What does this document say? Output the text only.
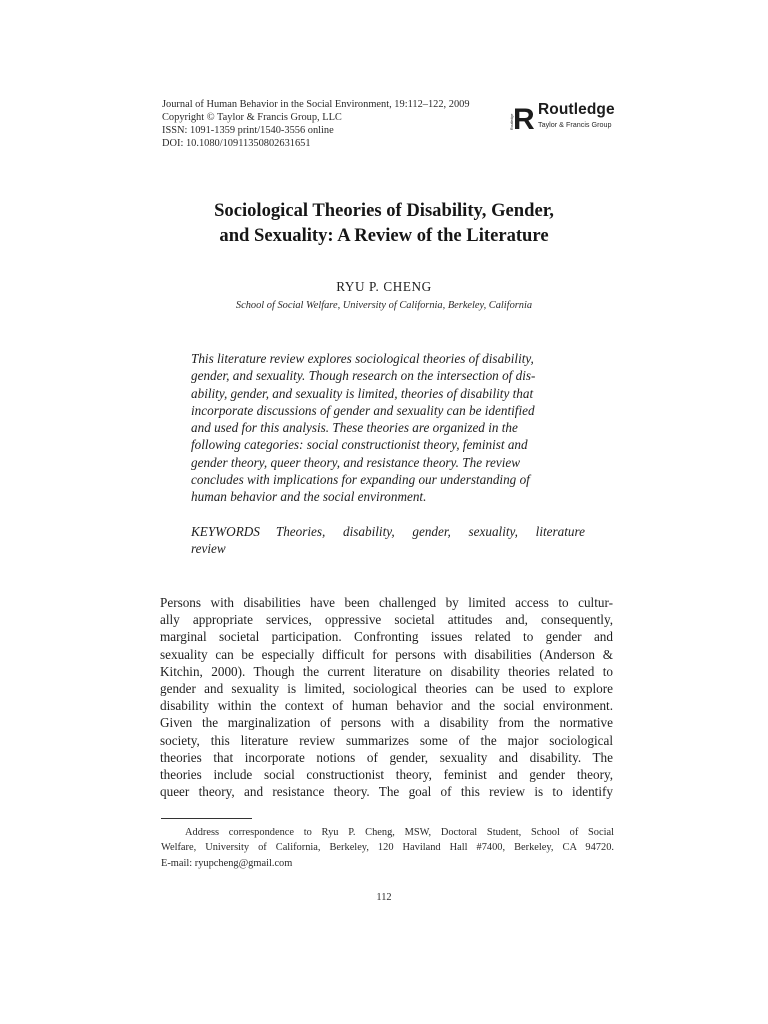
Journal of Human Behavior in the Social Environment, 19:112–122, 2009
Copyright © Taylor & Francis Group, LLC
ISSN: 1091-1359 print/1540-3556 online
DOI: 10.1080/10911350802631651
R
Routledge
Routledge
Taylor & Francis Group
Sociological Theories of Disability, Gender,
and Sexuality: A Review of the Literature
RYU P. CHENG
School of Social Welfare, University of California, Berkeley, California
This literature review explores sociological theories of disability,
gender, and sexuality. Though research on the intersection of dis-
ability, gender, and sexuality is limited, theories of disability that
incorporate discussions of gender and sexuality can be identified
and used for this analysis. These theories are organized in the
following categories: social constructionist theory, feminist and
gender theory, queer theory, and resistance theory. The review
concludes with implications for expanding our understanding of
human behavior and the social environment.
KEYWORDS Theories, disability, gender, sexuality, literature
review
Persons with disabilities have been challenged by limited access to cultur-
ally appropriate services, oppressive societal attitudes and, consequently,
marginal societal participation. Confronting issues related to gender and
sexuality can be especially difficult for persons with disabilities (Anderson &
Kitchin, 2000). Though the current literature on disability theories related to
gender and sexuality is limited, sociological theories can be used to explore
disability within the context of human behavior and the social environment.
Given the marginalization of persons with a disability from the normative
society, this literature review summarizes some of the major sociological
theories that incorporate notions of gender, sexuality and disability. The
theories include social constructionist theory, feminist and gender theory,
queer theory, and resistance theory. The goal of this review is to identify
Address correspondence to Ryu P. Cheng, MSW, Doctoral Student, School of Social
Welfare, University of California, Berkeley, 120 Haviland Hall #7400, Berkeley, CA 94720.
E-mail: ryupcheng@gmail.com
112
